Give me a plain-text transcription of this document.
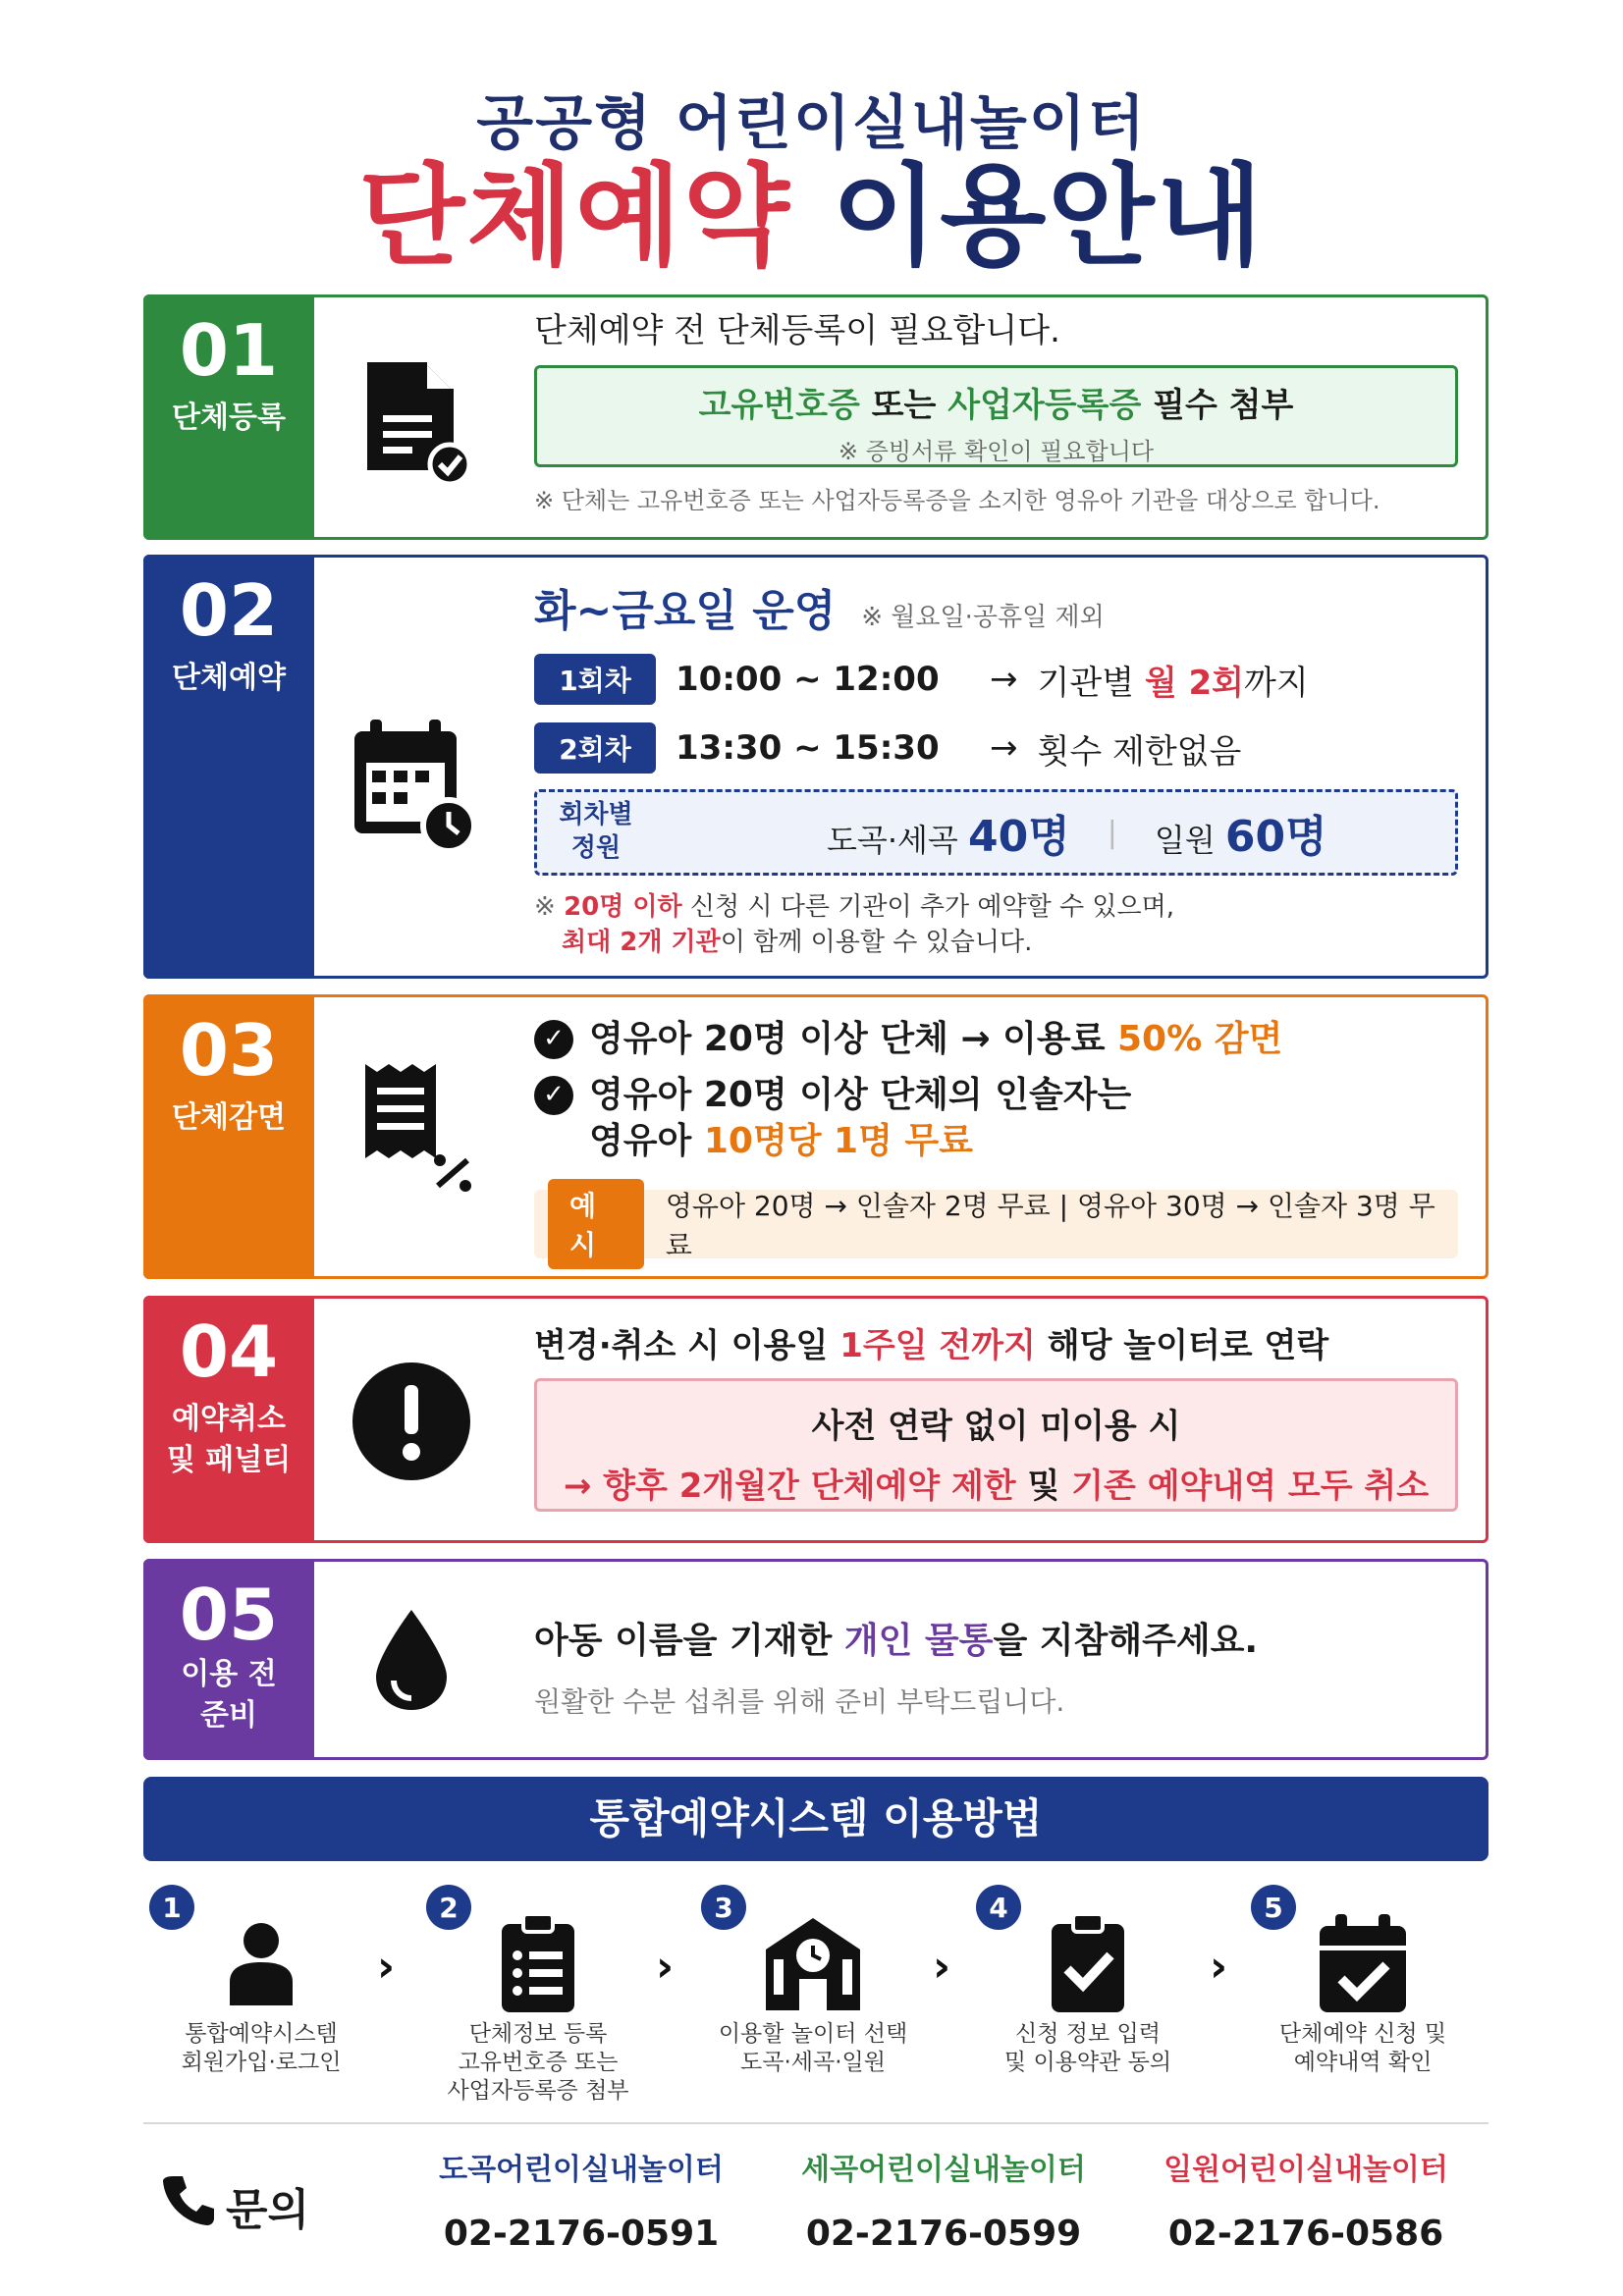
공공형 어린이실내놀이터
단체예약 이용안내
01
단체등록
단체예약 전 단체등록이 필요합니다.
고유번호증 또는 사업자등록증 필수 첨부
※ 증빙서류 확인이 필요합니다
※ 단체는 고유번호증 또는 사업자등록증을 소지한 영유아 기관을 대상으로 합니다.
02
단체예약
화~금요일 운영 ※ 월요일·공휴일 제외
1회차	10:00 ~ 12:00	→ 기관별 월 2회까지
2회차	13:30 ~ 15:30	→ 횟수 제한없음
회차별
정원	도곡·세곡 40명 | 일원 60명
※ 20명 이하 신청 시 다른 기관이 추가 예약할 수 있으며,
최대 2개 기관이 함께 이용할 수 있습니다.
03
단체감면
✓ 영유아 20명 이상 단체 → 이용료 50% 감면
✓ 영유아 20명 이상 단체의 인솔자는
영유아 10명당 1명 무료
예시
영유아 20명 → 인솔자 2명 무료 | 영유아 30명 → 인솔자 3명 무료
04
예약취소
및 패널티
변경·취소 시 이용일 1주일 전까지 해당 놀이터로 연락
사전 연락 없이 미이용 시
→ 향후 2개월간 단체예약 제한 및 기존 예약내역 모두 취소
05
이용 전
준비
아동 이름을 기재한 개인 물통을 지참해주세요.
원활한 수분 섭취를 위해 준비 부탁드립니다.
통합예약시스템 이용방법
1
통합예약시스템
회원가입·로그인
›
2
단체정보 등록
고유번호증 또는
사업자등록증 첨부
›
3
이용할 놀이터 선택
도곡·세곡·일원
›
4
신청 정보 입력
및 이용약관 동의
›
5
단체예약 신청 및
예약내역 확인
문의
도곡어린이실내놀이터
02-2176-0591
세곡어린이실내놀이터
02-2176-0599
일원어린이실내놀이터
02-2176-0586
